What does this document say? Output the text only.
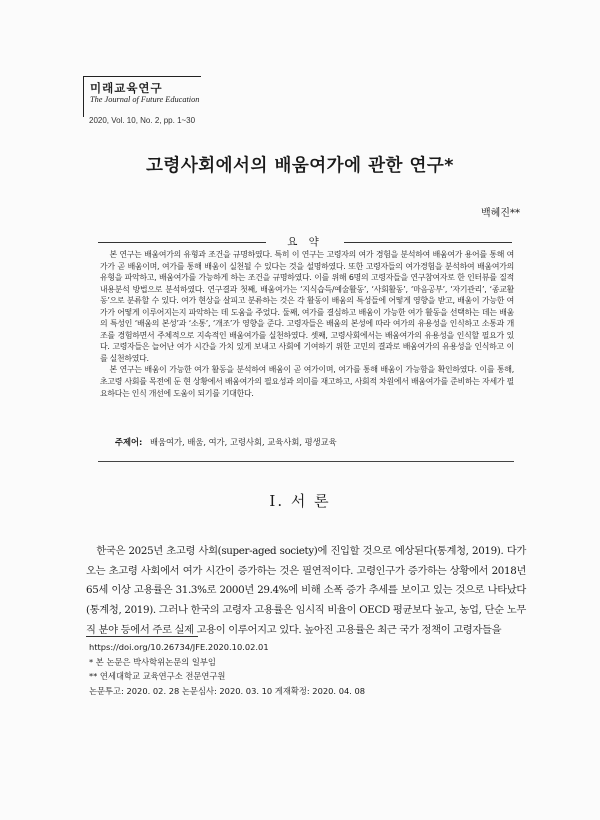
미래교육연구
The Journal of Future Education
2020, Vol. 10, No. 2, pp. 1~30
고령사회에서의 배움여가에 관한 연구*
백혜진**
요 약

본 연구는 배움여가의 유형과 조건을 규명하였다. 특히 이 연구는 고령자의 여가 경험을 분석하여 배움여가 용어를 통해 여가가 곧 배움이며, 여가를 통해 배움이 실천될 수 있다는 것을 설명하였다. 또한 고령자들의 여가경험을 분석하여 배움여가의 유형을 파악하고, 배움여가를 가능하게 하는 조건을 규명하였다. 이를 위해 6명의 고령자들을 연구참여자로 한 인터뷰를 질적내용분석 방법으로 분석하였다. 연구결과 첫째, 배움여가는 ‘지식습득/예술활동’, ‘사회활동’, ‘마음공부’, ‘자기관리’, ‘종교활동’으로 분류할 수 있다. 여가 현상을 살피고 분류하는 것은 각 활동이 배움의 특성들에 어떻게 영향을 받고, 배움이 가능한 여가가 어떻게 이루어지는지 파악하는 데 도움을 주었다. 둘째, 여가를 결심하고 배움이 가능한 여가 활동을 선택하는 데는 배움의 특성인 ‘배움의 본성’과 ‘소통’, ‘개조’가 영향을 준다. 고령자들은 배움의 본성에 따라 여가의 유용성을 인식하고 소통과 개조를 경험하면서 주체적으로 지속적인 배움여가를 실천하였다. 셋째, 고령사회에서는 배움여가의 유용성을 인식할 필요가 있다. 고령자들은 늘어난 여가 시간을 가치 있게 보내고 사회에 기여하기 위한 고민의 결과로 배움여가의 유용성을 인식하고 이를 실천하였다.

본 연구는 배움이 가능한 여가 활동을 분석하여 배움이 곧 여가이며, 여가를 통해 배움이 가능함을 확인하였다. 이를 통해, 초고령 사회를 목전에 둔 현 상황에서 배움여가의 필요성과 의미를 재고하고, 사회적 차원에서 배움여가를 준비하는 자세가 필요하다는 인식 개선에 도움이 되기를 기대한다.

주제어: 배움여가, 배움, 여가, 고령사회, 교육사회, 평생교육
I. 서 론

한국은 2025년 초고령 사회(super-aged society)에 진입할 것으로 예상된다(통계청, 2019). 다가오는 초고령 사회에서 여가 시간이 증가하는 것은 필연적이다. 고령인구가 증가하는 상황에서 2018년 65세 이상 고용률은 31.3%로 2000년 29.4%에 비해 소폭 증가 추세를 보이고 있는 것으로 나타났다(통계청, 2019). 그러나 한국의 고령자 고용률은 임시직 비율이 OECD 평균보다 높고, 농업, 단순 노무직 분야 등에서 주로 실제 고용이 이루어지고 있다. 높아진 고용률은 최근 국가 정책이 고령자들을

https://doi.org/10.26734/JFE.2020.10.02.01
* 본 논문은 박사학위논문의 일부임
** 연세대학교 교육연구소 전문연구원
논문투고: 2020. 02. 28 논문심사: 2020. 03. 10 게재확정: 2020. 04. 08
